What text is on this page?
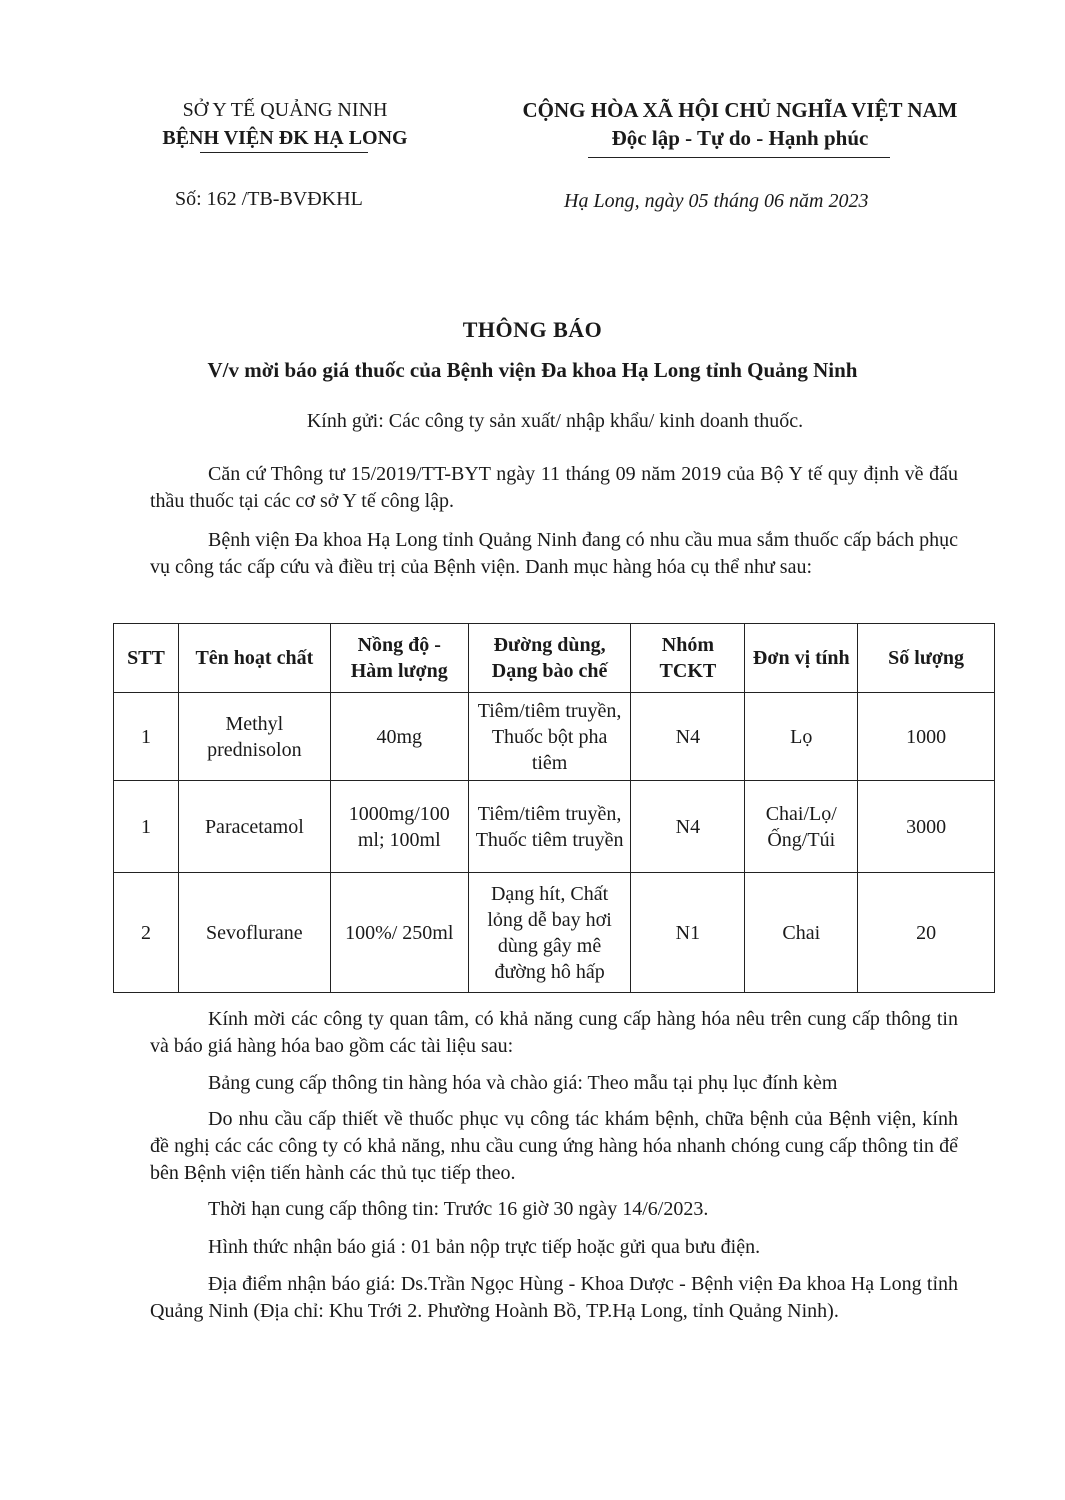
SỞ Y TẾ QUẢNG NINH
BỆNH VIỆN ĐK HẠ LONG
CỘNG HÒA XÃ HỘI CHỦ NGHĨA VIỆT NAM
Độc lập - Tự do - Hạnh phúc
Số: 162 /TB-BVĐKHL	Hạ Long, ngày 05 tháng 06 năm 2023
THÔNG BÁO
V/v mời báo giá thuốc của Bệnh viện Đa khoa Hạ Long tỉnh Quảng Ninh
Kính gửi: Các công ty sản xuất/ nhập khẩu/ kinh doanh thuốc.
Căn cứ Thông tư 15/2019/TT-BYT ngày 11 tháng 09 năm 2019 của Bộ Y tế quy định về đấu thầu thuốc tại các cơ sở Y tế công lập.
Bệnh viện Đa khoa Hạ Long tỉnh Quảng Ninh đang có nhu cầu mua sắm thuốc cấp bách phục vụ công tác cấp cứu và điều trị của Bệnh viện. Danh mục hàng hóa cụ thể như sau:
STT	Tên hoạt chất	Nồng độ - Hàm lượng	Đường dùng, Dạng bào chế	Nhóm TCKT	Đơn vị tính	Số lượng
1	Methyl prednisolon	40mg	Tiêm/tiêm truyền, Thuốc bột pha tiêm	N4	Lọ	1000
1	Paracetamol	1000mg/100 ml; 100ml	Tiêm/tiêm truyền, Thuốc tiêm truyền	N4	Chai/Lọ/ Ống/Túi	3000
2	Sevoflurane	100%/ 250ml	Dạng hít, Chất lỏng dễ bay hơi dùng gây mê đường hô hấp	N1	Chai	20
Kính mời các công ty quan tâm, có khả năng cung cấp hàng hóa nêu trên cung cấp thông tin và báo giá hàng hóa bao gồm các tài liệu sau:
Bảng cung cấp thông tin hàng hóa và chào giá: Theo mẫu tại phụ lục đính kèm
Do nhu cầu cấp thiết về thuốc phục vụ công tác khám bệnh, chữa bệnh của Bệnh viện, kính đề nghị các các công ty có khả năng, nhu cầu cung ứng hàng hóa nhanh chóng cung cấp thông tin để bên Bệnh viện tiến hành các thủ tục tiếp theo.
Thời hạn cung cấp thông tin: Trước 16 giờ 30 ngày 14/6/2023.
Hình thức nhận báo giá : 01 bản nộp trực tiếp hoặc gửi qua bưu điện.
Địa điểm nhận báo giá: Ds.Trần Ngọc Hùng - Khoa Dược - Bệnh viện Đa khoa Hạ Long tỉnh Quảng Ninh (Địa chỉ: Khu Trới 2. Phường Hoành Bồ, TP.Hạ Long, tỉnh Quảng Ninh).
